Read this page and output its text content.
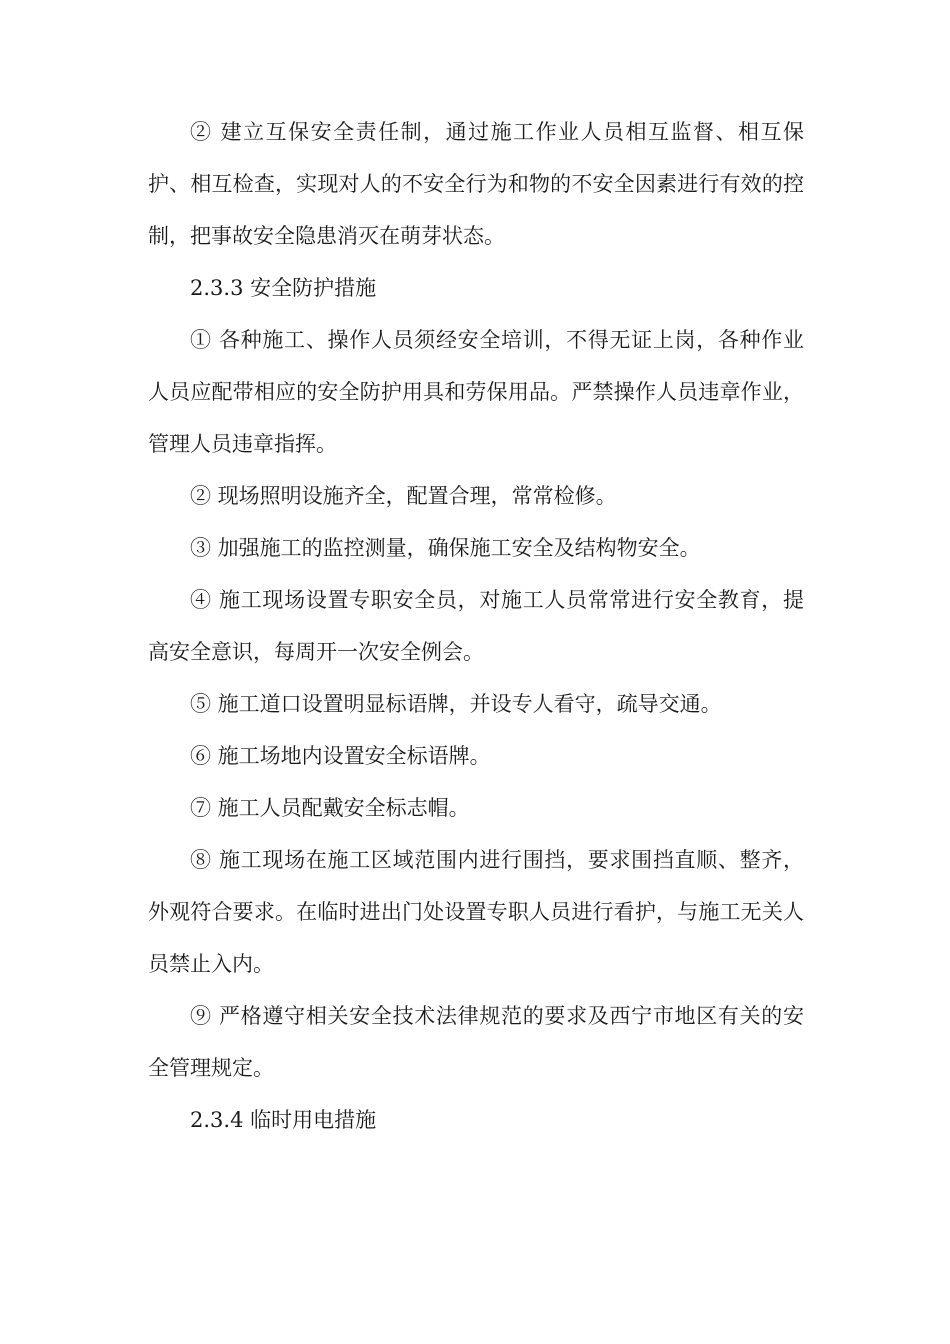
② 建立互保安全责任制，通过施工作业人员相互监督、相互保护、相互检查，实现对人的不安全行为和物的不安全因素进行有效的控制，把事故安全隐患消灭在萌芽状态。

2.3.3 安全防护措施

① 各种施工、操作人员须经安全培训，不得无证上岗，各种作业人员应配带相应的安全防护用具和劳保用品。严禁操作人员违章作业，管理人员违章指挥。

② 现场照明设施齐全，配置合理，常常检修。

③ 加强施工的监控测量，确保施工安全及结构物安全。

④ 施工现场设置专职安全员，对施工人员常常进行安全教育，提高安全意识，每周开一次安全例会。

⑤ 施工道口设置明显标语牌，并设专人看守，疏导交通。

⑥ 施工场地内设置安全标语牌。

⑦ 施工人员配戴安全标志帽。

⑧ 施工现场在施工区域范围内进行围挡，要求围挡直顺、整齐，外观符合要求。在临时进出门处设置专职人员进行看护，与施工无关人员禁止入内。

⑨ 严格遵守相关安全技术法律规范的要求及西宁市地区有关的安全管理规定。

2.3.4 临时用电措施
